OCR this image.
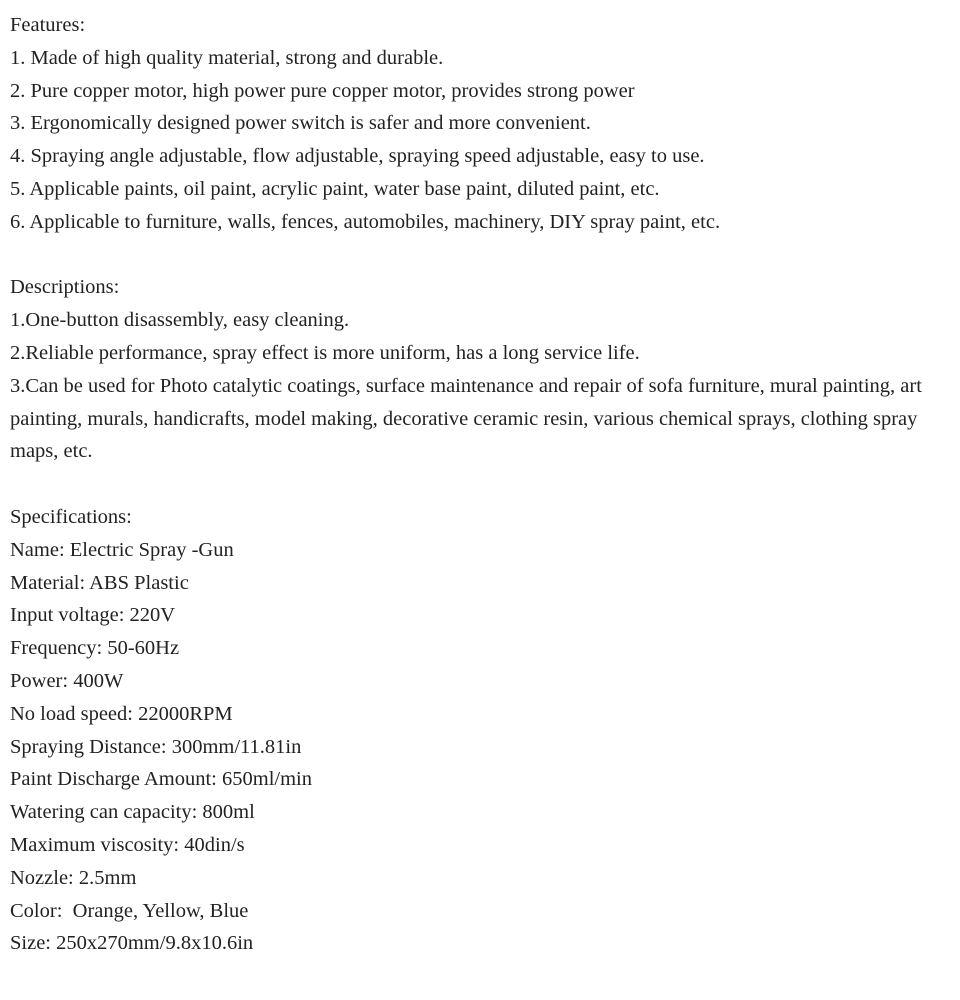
Features:
1. Made of high quality material, strong and durable.
2. Pure copper motor, high power pure copper motor, provides strong power
3. Ergonomically designed power switch is safer and more convenient.
4. Spraying angle adjustable, flow adjustable, spraying speed adjustable, easy to use.
5. Applicable paints, oil paint, acrylic paint, water base paint, diluted paint, etc.
6. Applicable to furniture, walls, fences, automobiles, machinery, DIY spray paint, etc.
Descriptions:
1.One-button disassembly, easy cleaning.
2.Reliable performance, spray effect is more uniform, has a long service life.
3.Can be used for Photo catalytic coatings, surface maintenance and repair of sofa furniture, mural painting, art painting, murals, handicrafts, model making, decorative ceramic resin, various chemical sprays, clothing spray maps, etc.
Specifications:
Name: Electric Spray -Gun
Material: ABS Plastic
Input voltage: 220V
Frequency: 50-60Hz
Power: 400W
No load speed: 22000RPM
Spraying Distance: 300mm/11.81in
Paint Discharge Amount: 650ml/min
Watering can capacity: 800ml
Maximum viscosity: 40din/s
Nozzle: 2.5mm
Color:  Orange, Yellow, Blue
Size: 250x270mm/9.8x10.6in
